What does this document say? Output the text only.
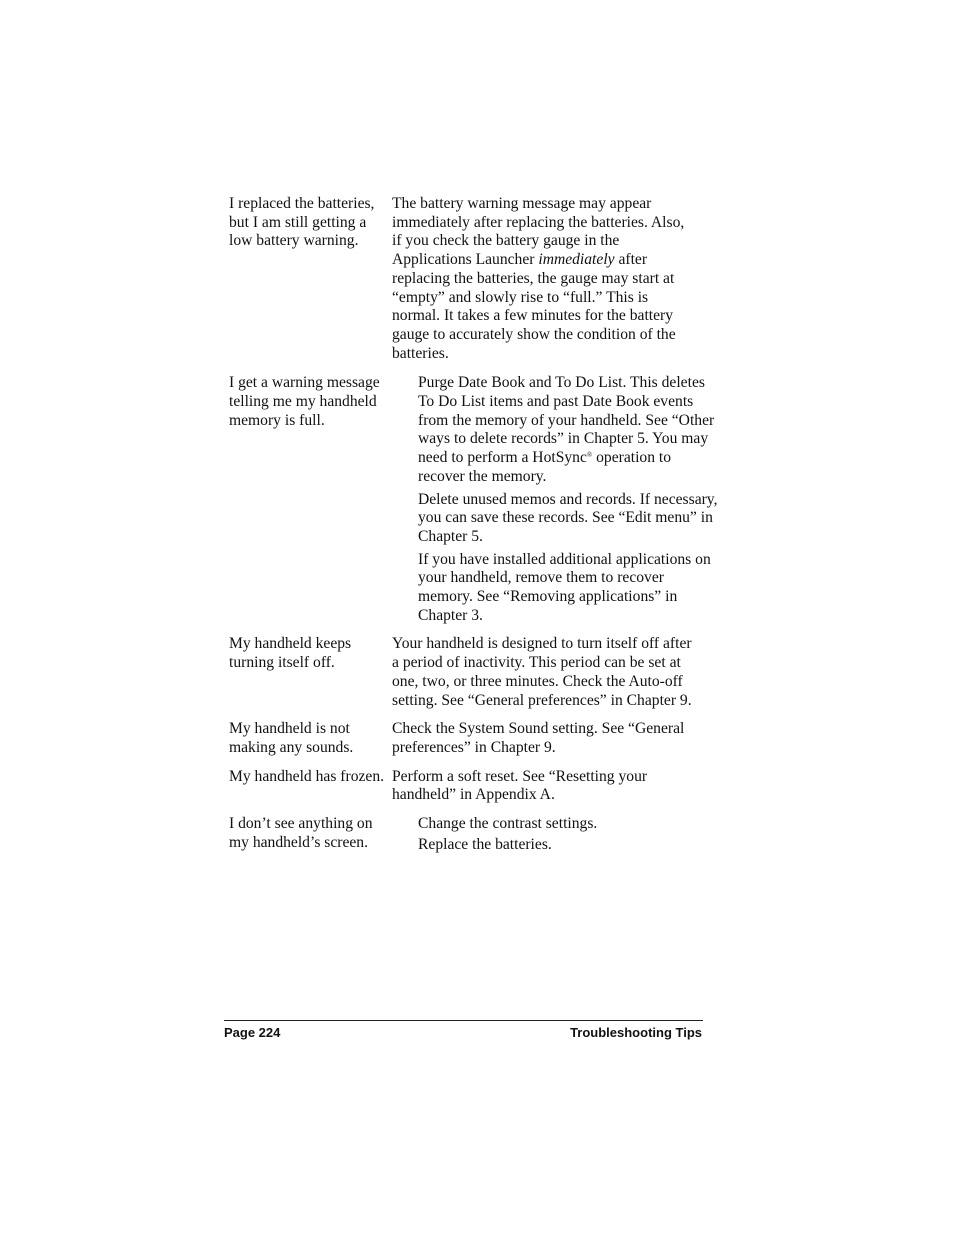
I replaced the batteries, but I am still getting a low battery warning.

The battery warning message may appear immediately after replacing the batteries. Also, if you check the battery gauge in the Applications Launcher immediately after replacing the batteries, the gauge may start at “empty” and slowly rise to “full.” This is normal. It takes a few minutes for the battery gauge to accurately show the condition of the batteries.

I get a warning message telling me my handheld memory is full.

Purge Date Book and To Do List. This deletes To Do List items and past Date Book events from the memory of your handheld. See “Other ways to delete records” in Chapter 5. You may need to perform a HotSync® operation to recover the memory.

Delete unused memos and records. If necessary, you can save these records. See “Edit menu” in Chapter 5.

If you have installed additional applications on your handheld, remove them to recover memory. See “Removing applications” in Chapter 3.

My handheld keeps turning itself off.

Your handheld is designed to turn itself off after a period of inactivity. This period can be set at one, two, or three minutes. Check the Auto-off setting. See “General preferences” in Chapter 9.

My handheld is not making any sounds.

Check the System Sound setting. See “General preferences” in Chapter 9.

My handheld has frozen. Perform a soft reset. See “Resetting your handheld” in Appendix A.

I don’t see anything on my handheld’s screen.

Change the contrast settings.

Replace the batteries.

Page 224	Troubleshooting Tips
